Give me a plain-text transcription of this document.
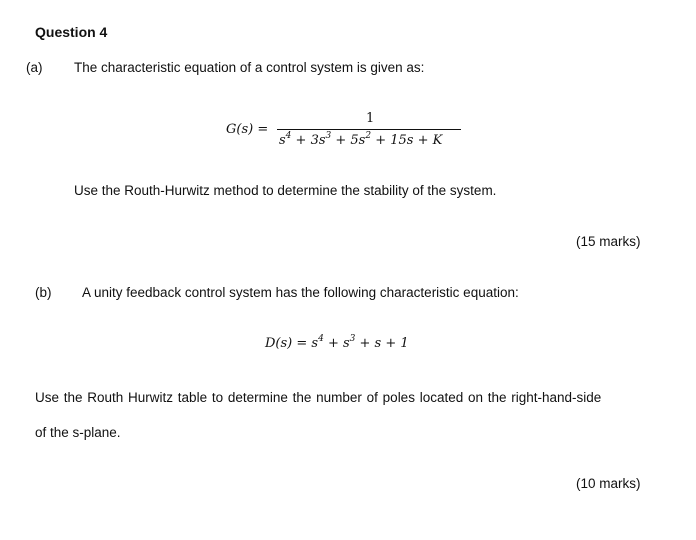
Question 4
(a) The characteristic equation of a control system is given as:
G(s) =
1
$s^4 + 3s^3 + 5s^2 + 15s + K$
Use the Routh-Hurwitz method to determine the stability of the system.
(15 marks)
(b) A unity feedback control system has the following characteristic equation:
$D(s) = s^4 + s^3 + s + 1$
Use the Routh Hurwitz table to determine the number of poles located on the right-hand-side
of the s-plane.
(10 marks)
